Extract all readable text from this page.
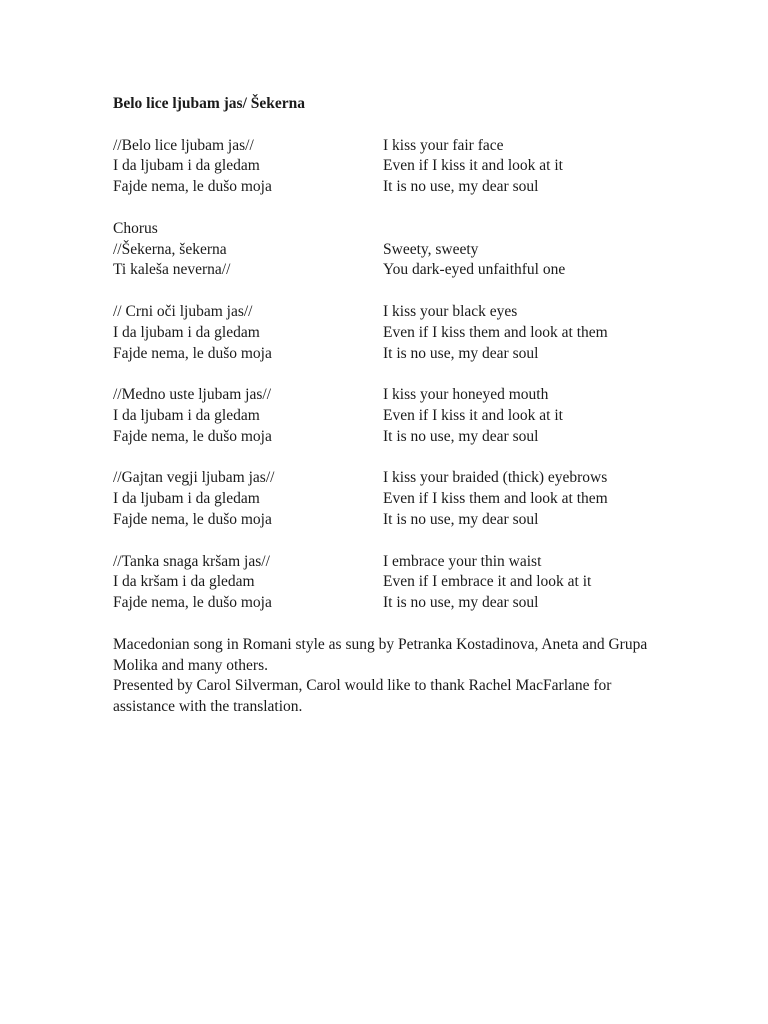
Belo lice ljubam jas/ Šekerna
//Belo lice ljubam jas//	I kiss your fair face
I da ljubam i da gledam	Even if I kiss it and look at it
Fajde nema, le dušo moja	It is no use, my dear soul
Chorus
//Šekerna, šekerna	Sweety, sweety
Ti kaleša neverna//	You dark-eyed unfaithful one
// Crni oči ljubam jas//	I kiss your black eyes
I da ljubam i da gledam	Even if I kiss them and look at them
Fajde nema, le dušo moja	It is no use, my dear soul
//Medno uste ljubam jas//	I kiss your honeyed mouth
I da ljubam i da gledam	Even if I kiss it and look at it
Fajde nema, le dušo moja	It is no use, my dear soul
//Gajtan vegji ljubam jas//	I kiss your braided (thick) eyebrows
I da ljubam i da gledam	Even if I kiss them and look at them
Fajde nema, le dušo moja	It is no use, my dear soul
//Tanka snaga kršam jas//	I embrace your thin waist
I da kršam i da gledam	Even if I embrace it and look at it
Fajde nema, le dušo moja	It is no use, my dear soul

Macedonian song in Romani style as sung by Petranka Kostadinova, Aneta and Grupa Molika and many others.

Presented by Carol Silverman, Carol would like to thank Rachel MacFarlane for assistance with the translation.
